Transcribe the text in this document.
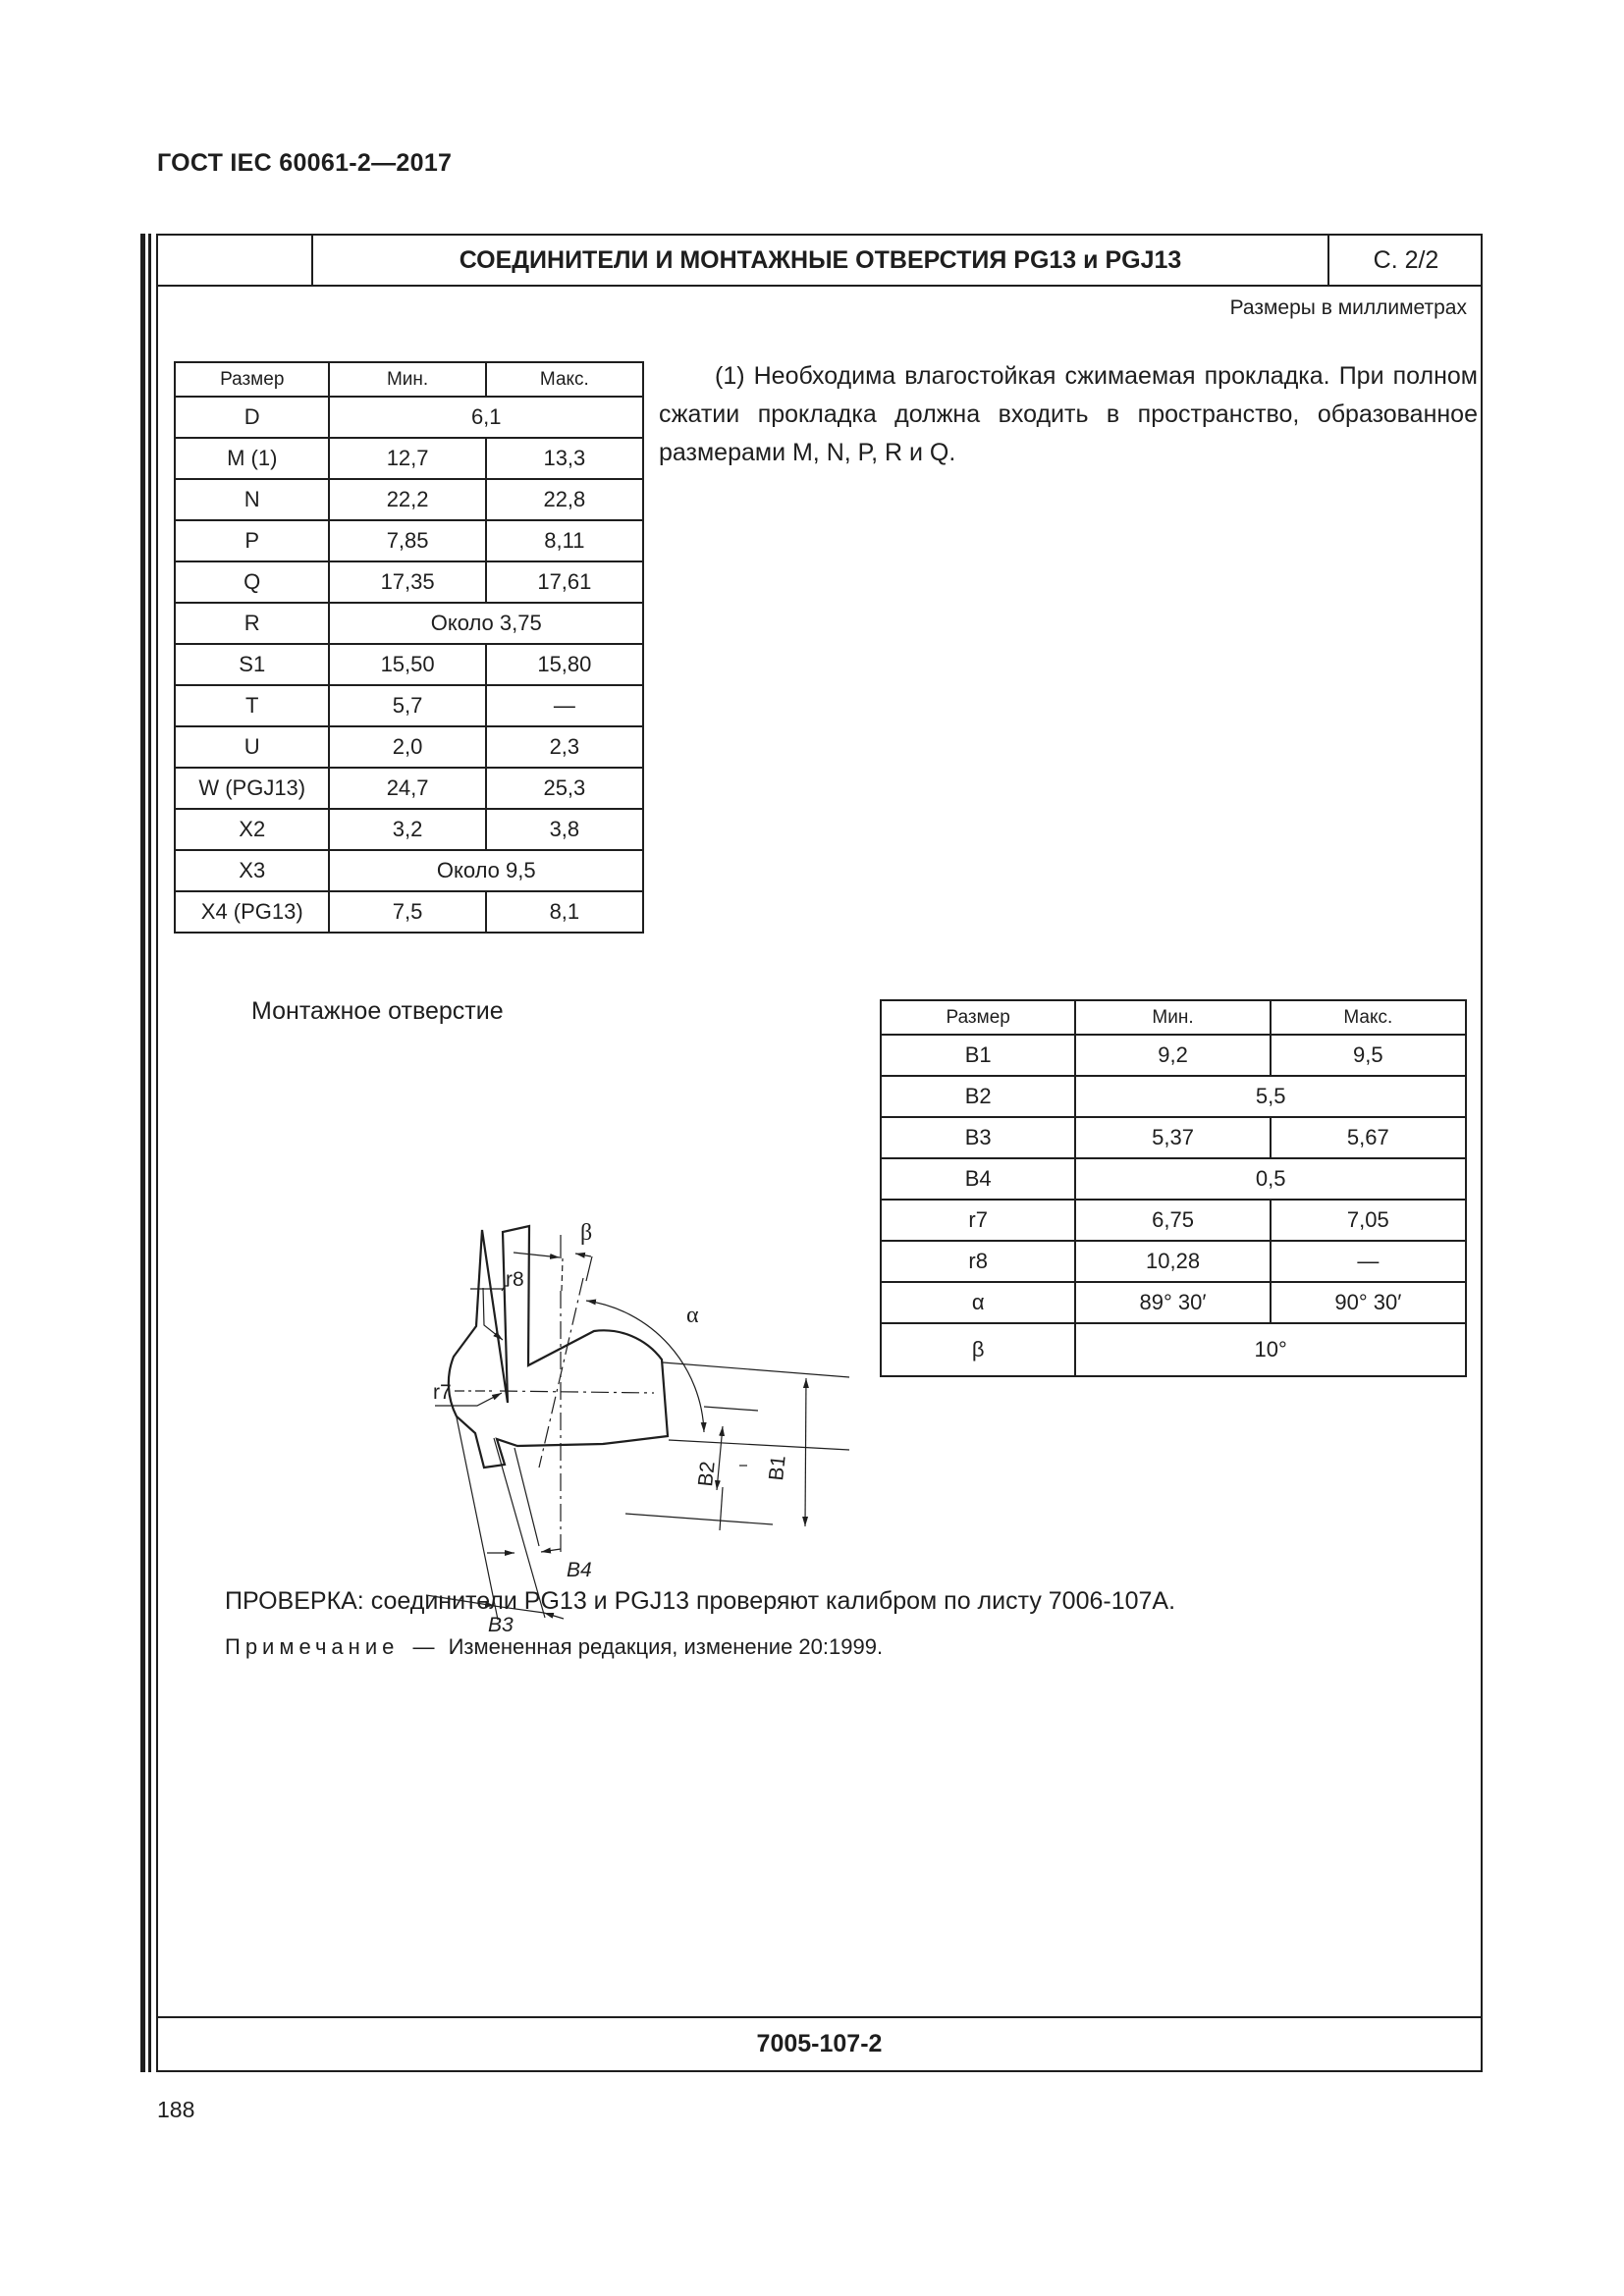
ГОСТ IEC 60061-2—2017
СОЕДИНИТЕЛИ И МОНТАЖНЫЕ ОТВЕРСТИЯ PG13 и PGJ13	С. 2/2
Размеры в миллиметрах
Размер	Мин.	Макс.
D	6,1	
M (1)	12,7	13,3
N	22,2	22,8
P	7,85	8,11
Q	17,35	17,61
R	Около 3,75	
S1	15,50	15,80
T	5,7	—
U	2,0	2,3
W (PGJ13)	24,7	25,3
X2	3,2	3,8
X3	Около 9,5	
X4 (PG13)	7,5	8,1
(1) Необходима влагостойкая сжимаемая прокладка. При полном сжатии прокладка должна входить в пространство, образованное размерами M, N, P, R и Q.
Монтажное отверстие
β
α
r8
r7
B2 B1
B4
B3
Размер	Мин.	Макс.
B1	9,2	9,5
B2	5,5	
B3	5,37	5,67
B4	0,5	
r7	6,75	7,05
r8	10,28	—
α	89° 30′	90° 30′
β	10°	
ПРОВЕРКА: соединители PG13 и PGJ13 проверяют калибром по листу 7006-107A.
Примечание — Измененная редакция, изменение 20:1999.
7005-107-2
188
